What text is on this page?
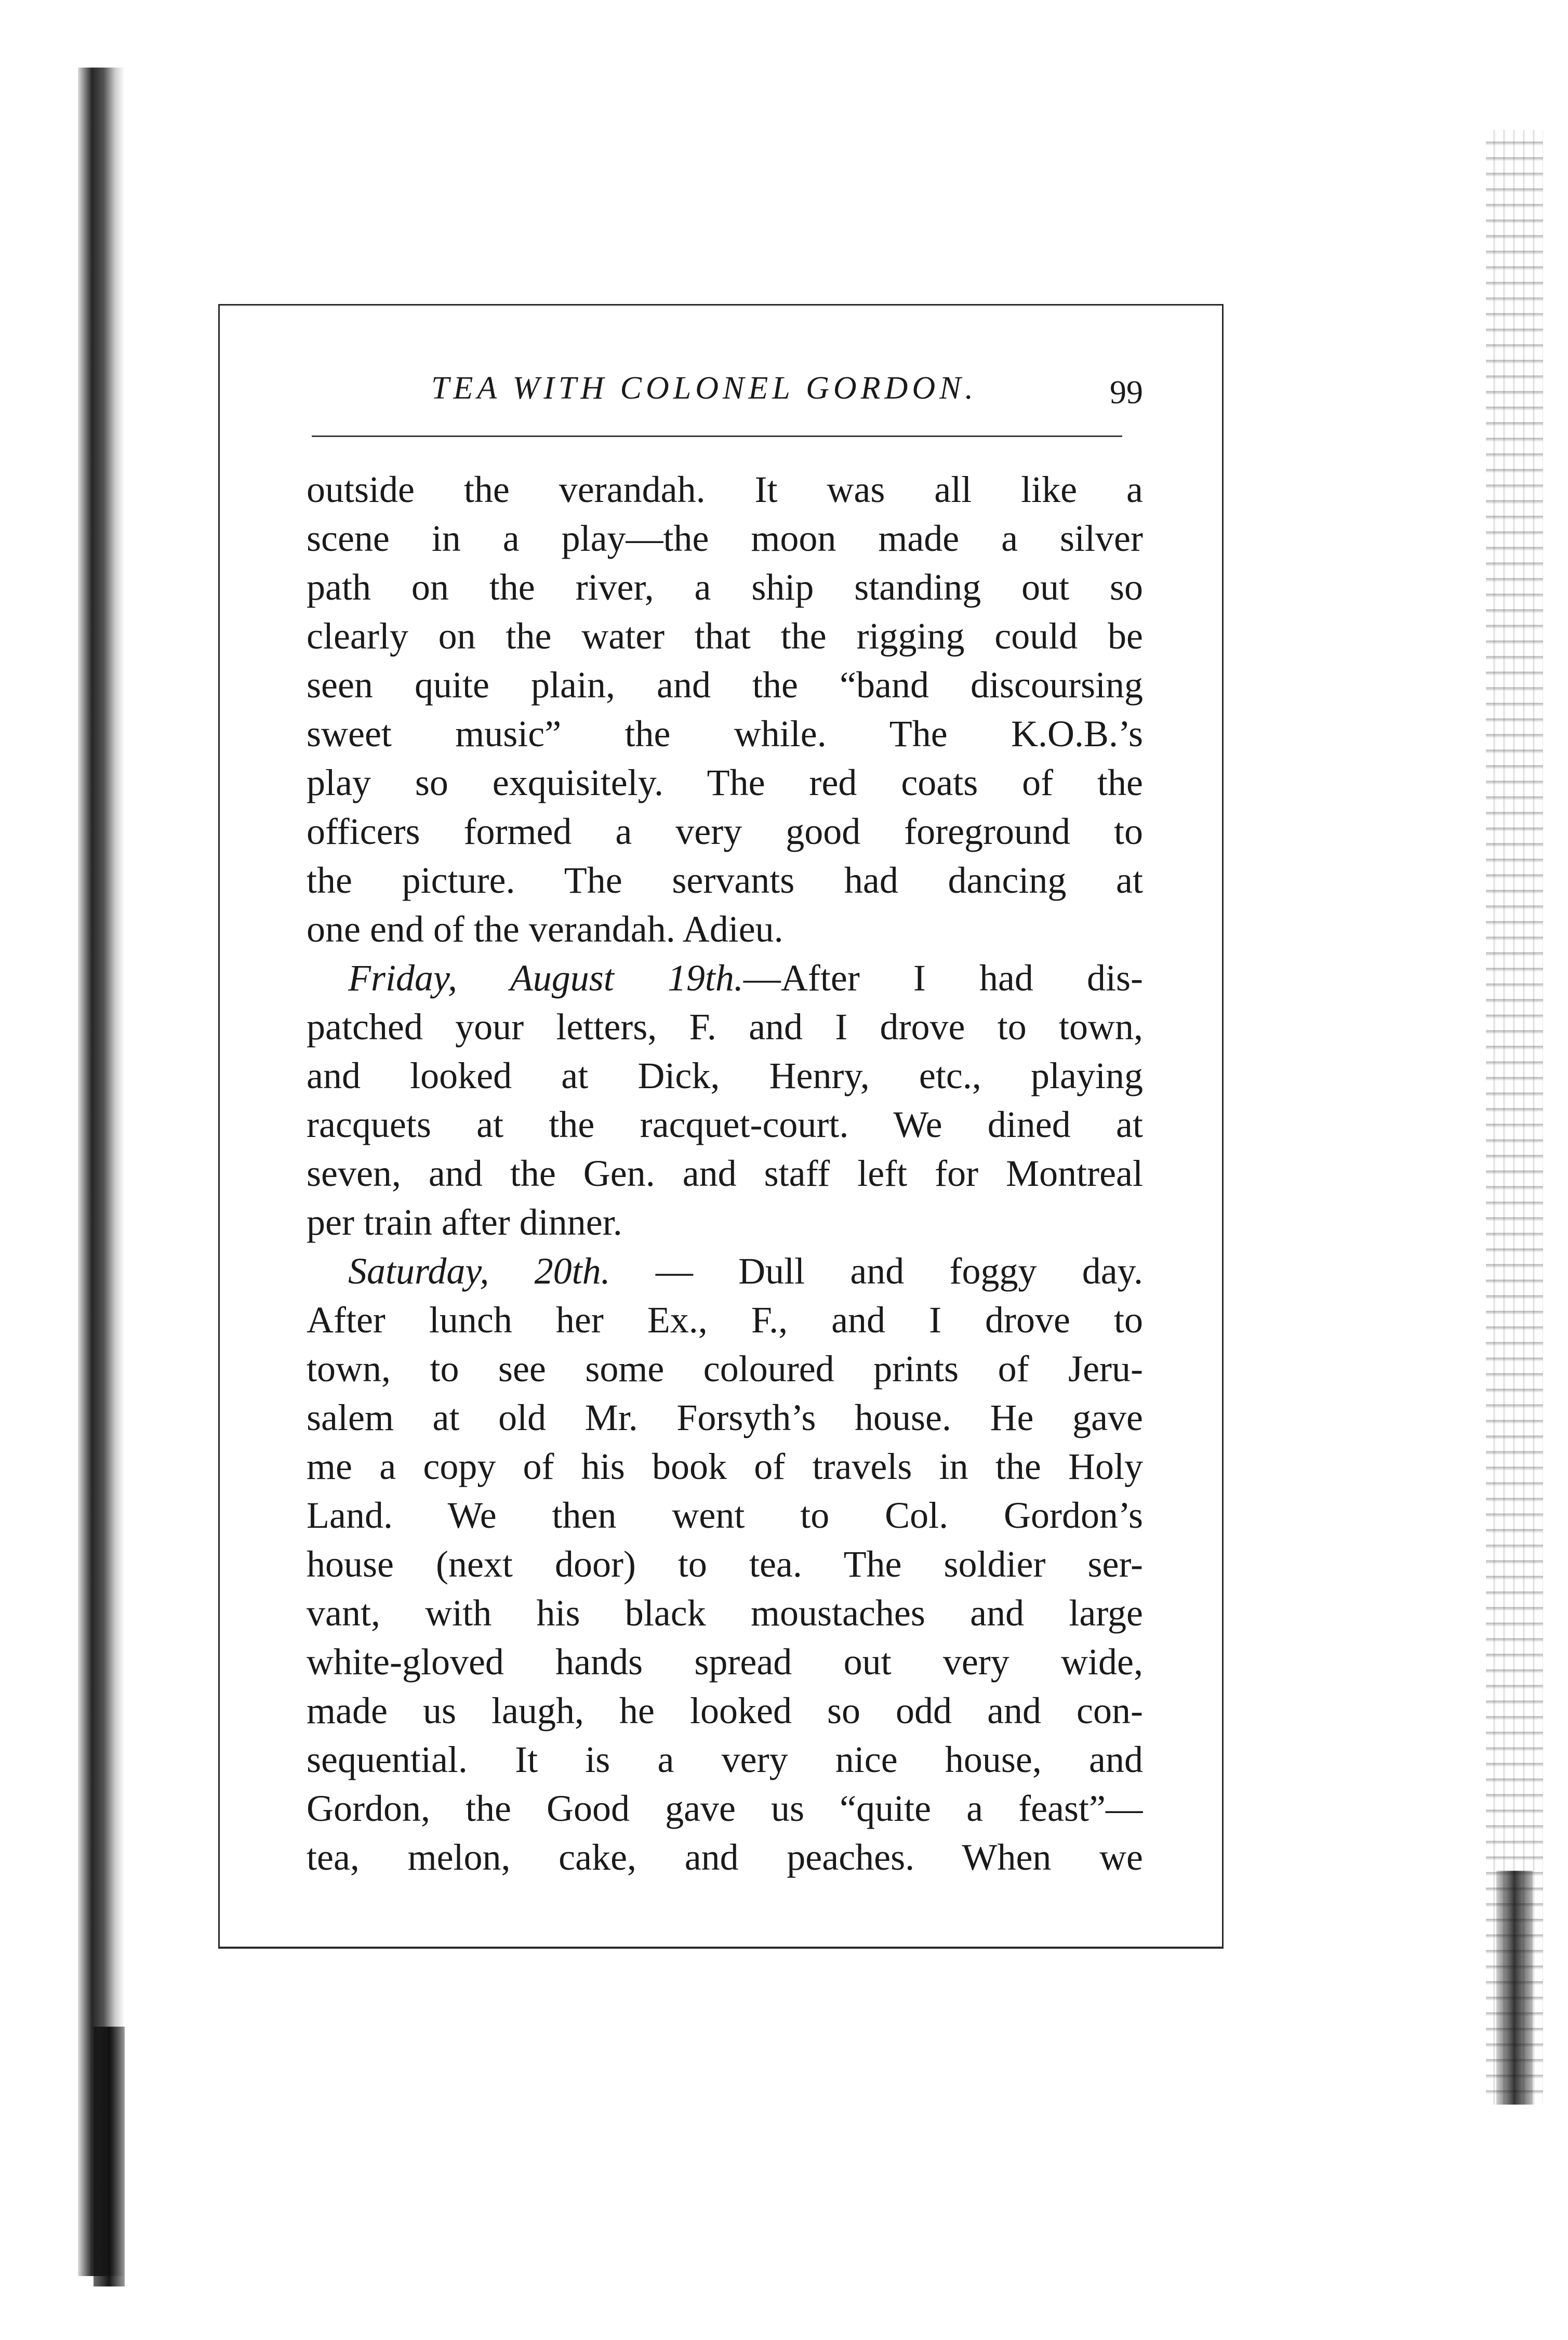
TEA WITH COLONEL GORDON.	99
outside the verandah. It was all like a
scene in a play—the moon made a silver
path on the river, a ship standing out so
clearly on the water that the rigging could be
seen quite plain, and the “band discoursing
sweet music” the while. The K.O.B.’s
play so exquisitely. The red coats of the
officers formed a very good foreground to
the picture. The servants had dancing at
one end of the verandah. Adieu.
Friday, August 19th.—After I had dis-
patched your letters, F. and I drove to town,
and looked at Dick, Henry, etc., playing
racquets at the racquet-court. We dined at
seven, and the Gen. and staff left for Montreal
per train after dinner.
Saturday, 20th. — Dull and foggy day.
After lunch her Ex., F., and I drove to
town, to see some coloured prints of Jeru-
salem at old Mr. Forsyth’s house. He gave
me a copy of his book of travels in the Holy
Land. We then went to Col. Gordon’s
house (next door) to tea. The soldier ser-
vant, with his black moustaches and large
white-gloved hands spread out very wide,
made us laugh, he looked so odd and con-
sequential. It is a very nice house, and
Gordon, the Good gave us “quite a feast”—
tea, melon, cake, and peaches. When we
